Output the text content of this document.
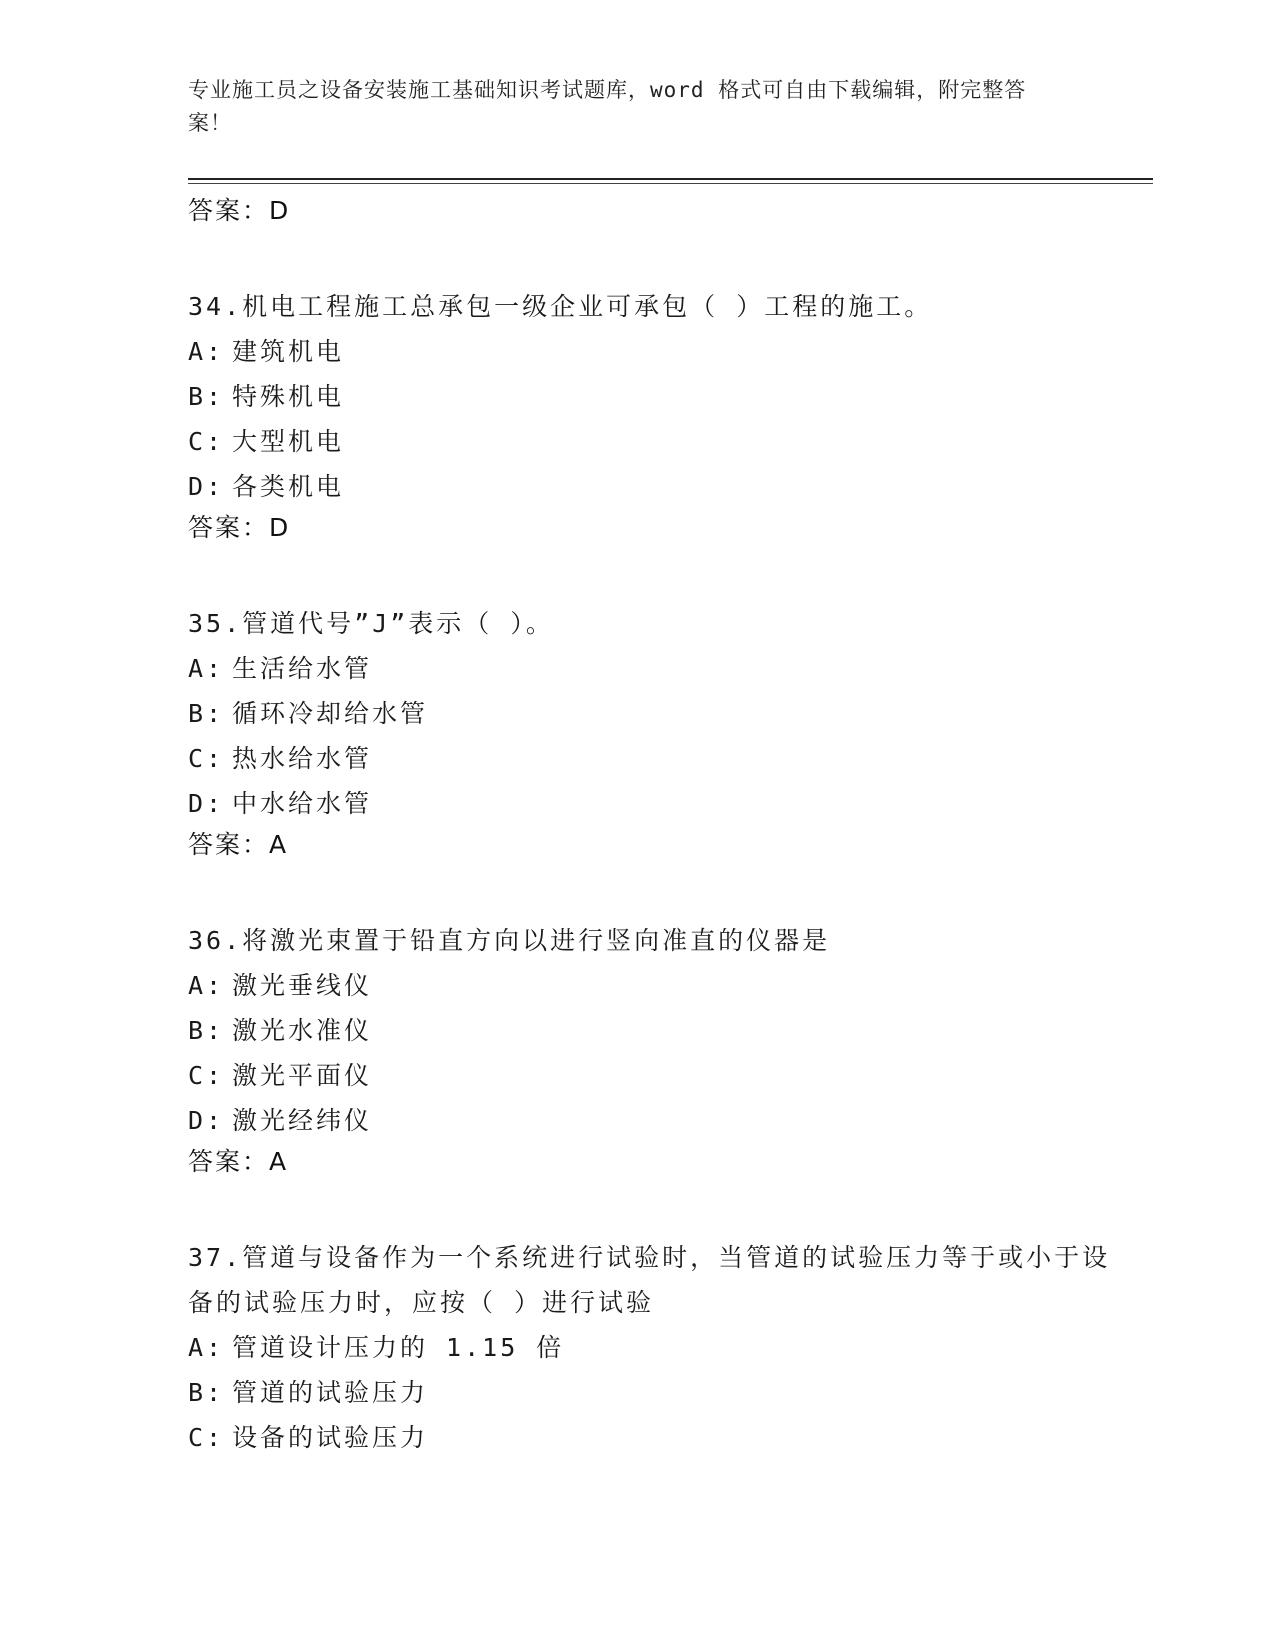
专业施工员之设备安装施工基础知识考试题库，word 格式可自由下载编辑，附完整答案！
答案：D
34.机电工程施工总承包一级企业可承包（ ）工程的施工。
A: 建筑机电
B: 特殊机电
C: 大型机电
D: 各类机电
答案：D
35.管道代号”J”表示（ ）。
A: 生活给水管
B: 循环冷却给水管
C: 热水给水管
D: 中水给水管
答案：A
36.将激光束置于铅直方向以进行竖向准直的仪器是
A: 激光垂线仪
B: 激光水准仪
C: 激光平面仪
D: 激光经纬仪
答案：A
37.管道与设备作为一个系统进行试验时，当管道的试验压力等于或小于设备的试验压力时，应按（ ）进行试验
A: 管道设计压力的 1.15 倍
B: 管道的试验压力
C: 设备的试验压力
